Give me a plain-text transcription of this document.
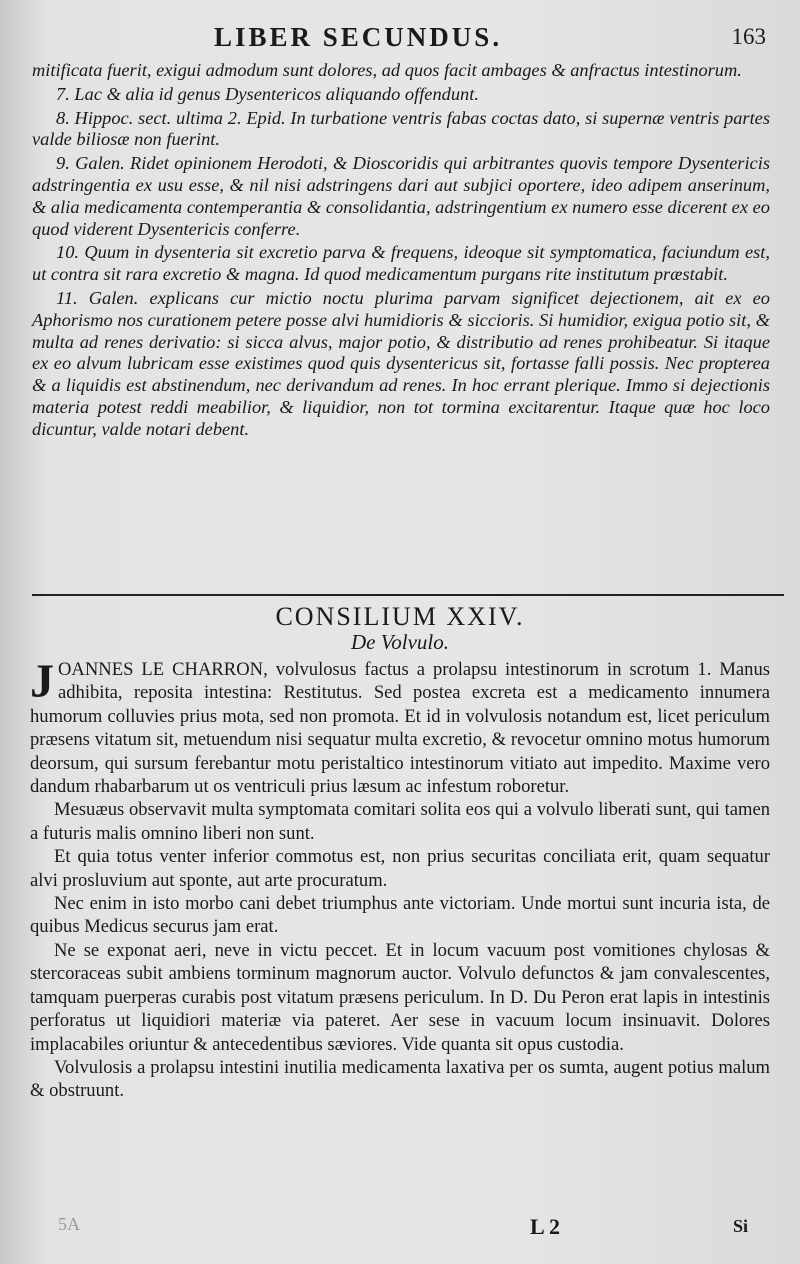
LIBER SECUNDUS.	163

mitificata fuerit, exigui admodum sunt dolores, ad quos facit ambages & anfractus intestinorum.

7. Lac & alia id genus Dysentericos aliquando offendunt.

8. Hippoc. sect. ultima 2. Epid. In turbatione ventris fabas coctas dato, si supernæ ventris partes valde biliosæ non fuerint.

9. Galen. Ridet opinionem Herodoti, & Dioscoridis qui arbitrantes quovis tempore Dysentericis adstringentia ex usu esse, & nil nisi adstringens dari aut subjici oportere, ideo adipem anserinum, & alia medicamenta contemperantia & consolidantia, adstringentium ex numero esse dicerent ex eo quod viderent Dysentericis conferre.

10. Quum in dysenteria sit excretio parva & frequens, ideoque sit symptomatica, faciundum est, ut contra sit rara excretio & magna. Id quod medicamentum purgans rite institutum præstabit.

11. Galen. explicans cur mictio noctu plurima parvam significet dejectionem, ait ex eo Aphorismo nos curationem petere posse alvi humidioris & siccioris. Si humidior, exigua potio sit, & multa ad renes derivatio: si sicca alvus, major potio, & distributio ad renes prohibeatur. Si itaque ex eo alvum lubricam esse existimes quod quis dysentericus sit, fortasse falli possis. Nec propterea & a liquidis est abstinendum, nec derivandum ad renes. In hoc errant plerique. Immo si dejectionis materia potest reddi meabilior, & liquidior, non tot tormina excitarentur. Itaque quæ hoc loco dicuntur, valde notari debent.

CONSILIUM XXIV.
De Volvulo.

JOANNES LE CHARRON, volvulosus factus a prolapsu intestinorum in scrotum 1. Manus adhibita, reposita intestina: Restitutus. Sed postea excreta est a medicamento innumera humorum colluvies prius mota, sed non promota. Et id in volvulosis notandum est, licet periculum præsens vitatum sit, metuendum nisi sequatur multa excretio, & revocetur omnino motus humorum deorsum, qui sursum ferebantur motu peristaltico intestinorum vitiato aut impedito. Maxime vero dandum rhabarbarum ut os ventriculi prius læsum ac infestum roboretur.

Mesuæus observavit multa symptomata comitari solita eos qui a volvulo liberati sunt, qui tamen a futuris malis omnino liberi non sunt.

Et quia totus venter inferior commotus est, non prius securitas conciliata erit, quam sequatur alvi prosluvium aut sponte, aut arte procuratum.

Nec enim in isto morbo cani debet triumphus ante victoriam. Unde mortui sunt incuria ista, de quibus Medicus securus jam erat.

Ne se exponat aeri, neve in victu peccet. Et in locum vacuum post vomitiones chylosas & stercoraceas subit ambiens torminum magnorum auctor. Volvulo defunctos & jam convalescentes, tamquam puerperas curabis post vitatum præsens periculum. In D. Du Peron erat lapis in intestinis perforatus ut liquidiori materiæ via pateret. Aer sese in vacuum locum insinuavit. Dolores implacabiles oriuntur & antecedentibus sæviores. Vide quanta sit opus custodia.

Volvulosis a prolapsu intestini inutilia medicamenta laxativa per os sumta, augent potius malum & obstruunt.

5A	L 2	Si
